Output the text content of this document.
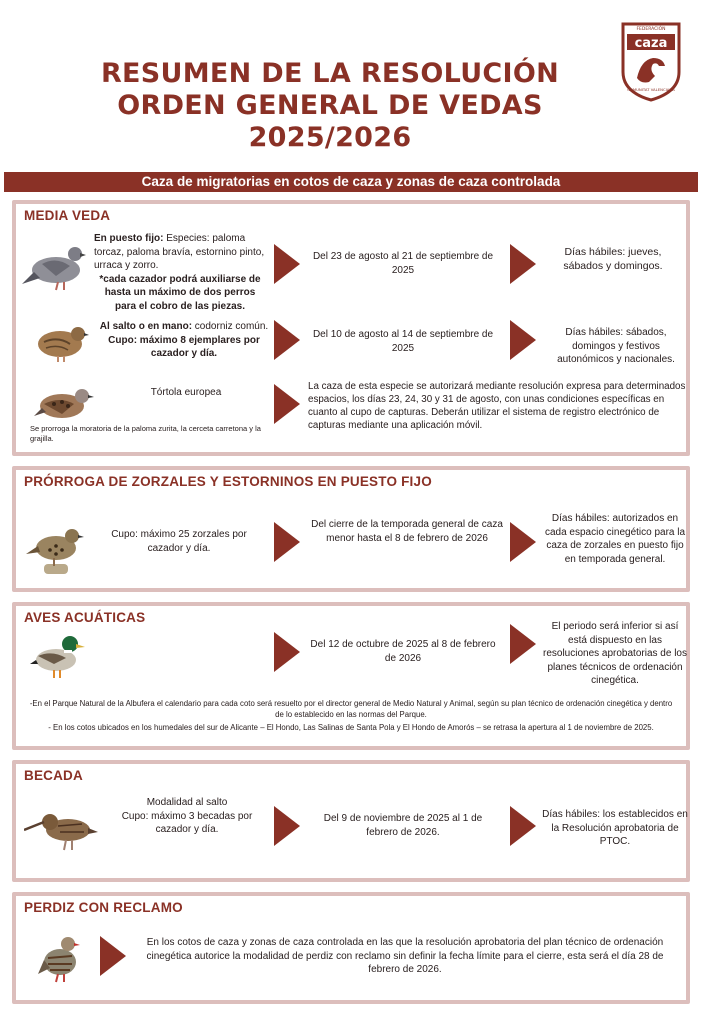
RESUMEN DE LA RESOLUCIÓN
ORDEN GENERAL DE VEDAS
2025/2026
FEDERACIÓN
caza
COMUNITAT VALENCIANA
Caza de migratorias en cotos de caza y zonas de caza controlada
MEDIA VEDA
En puesto fijo: Especies: paloma torcaz, paloma bravía, estornino pinto, urraca y zorro.
*cada cazador podrá auxiliarse de hasta un máximo de dos perros para el cobro de las piezas.
Del 23 de agosto al 21 de septiembre de 2025
Días hábiles: jueves, sábados y domingos.
Al salto o en mano: codorniz común. Cupo: máximo 8 ejemplares por cazador y día.
Del 10 de agosto al 14 de septiembre de 2025
Días hábiles: sábados, domingos y festivos autonómicos y nacionales.
Tórtola europea
Se prorroga la moratoria de la paloma zurita, la cerceta carretona y la grajilla.
La caza de esta especie se autorizará mediante resolución expresa para determinados espacios, los días 23, 24, 30 y 31 de agosto, con unas condiciones específicas en cuanto al cupo de capturas. Deberán utilizar el sistema de registro electrónico de capturas mediante una aplicación móvil.
PRÓRROGA DE ZORZALES Y ESTORNINOS EN PUESTO FIJO
Cupo: máximo 25 zorzales por cazador y día.
Del cierre de la temporada general de caza menor hasta el 8 de febrero de 2026
Días hábiles: autorizados en cada espacio cinegético para la caza de zorzales en puesto fijo en temporada general.
AVES ACUÁTICAS
Del 12 de octubre de 2025 al 8 de febrero de 2026
El periodo será inferior si así está dispuesto en las resoluciones aprobatorias de los planes técnicos de ordenación cinegética.
-En el Parque Natural de la Albufera el calendario para cada coto será resuelto por el director general de Medio Natural y Animal, según su plan técnico de ordenación cinegética y dentro de lo establecido en las normas del Parque.
- En los cotos ubicados en los humedales del sur de Alicante – El Hondo, Las Salinas de Santa Pola y El Hondo de Amorós – se retrasa la apertura al 1 de noviembre de 2025.
BECADA
Modalidad al salto
Cupo: máximo 3 becadas por cazador y día.
Del 9 de noviembre de 2025 al 1 de febrero de 2026.
Días hábiles: los establecidos en la Resolución aprobatoria de PTOC.
PERDIZ CON RECLAMO
En los cotos de caza y zonas de caza controlada en las que la resolución aprobatoria del plan técnico de ordenación cinegética autorice la modalidad de perdiz con reclamo sin definir la fecha límite para el cierre, esta será el día 28 de febrero de 2026.
